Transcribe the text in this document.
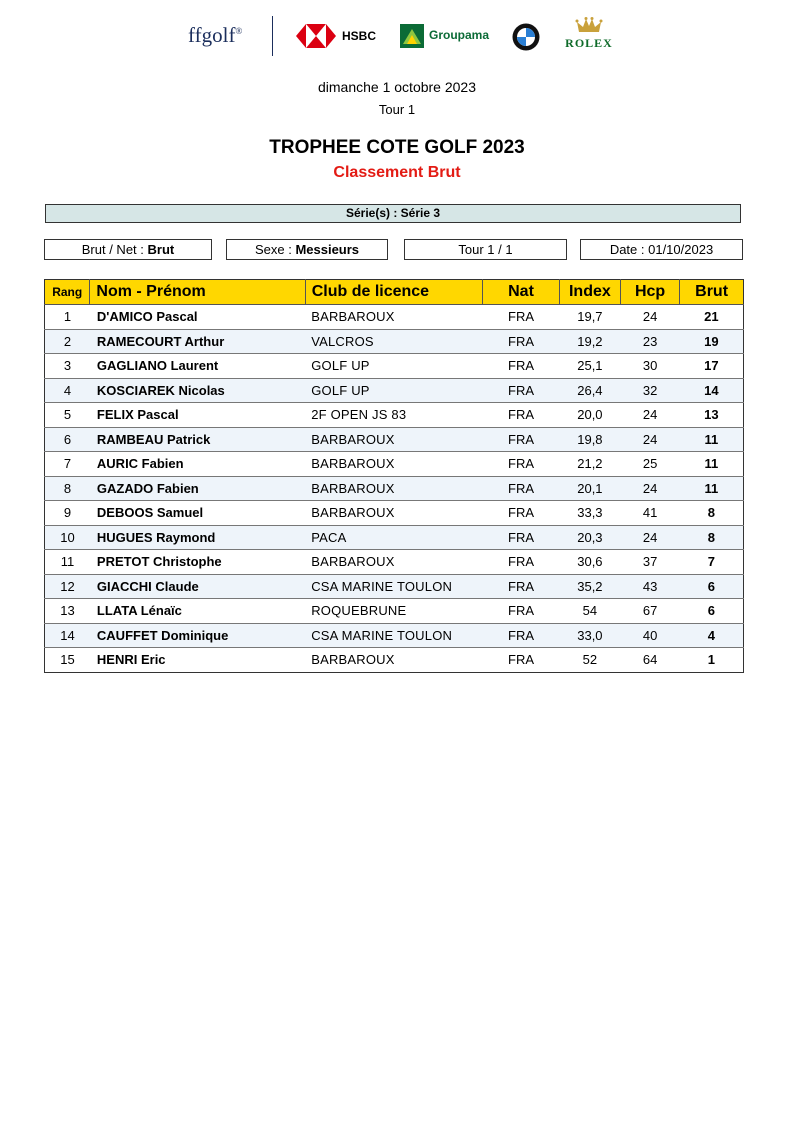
ffgolf®	HSBC	Groupama
ROLEX
dimanche 1 octobre 2023
Tour 1
TROPHEE COTE GOLF 2023
Classement Brut
Série(s) : Série 3
Brut / Net : Brut	Sexe : Messieurs	Tour 1 / 1	Date : 01/10/2023
Rang	Nom - Prénom	Club de licence	Nat	Index	Hcp	Brut
1	D'AMICO Pascal	BARBAROUX	FRA	19,7	24	21
2	RAMECOURT Arthur	VALCROS	FRA	19,2	23	19
3	GAGLIANO Laurent	GOLF UP	FRA	25,1	30	17
4	KOSCIAREK Nicolas	GOLF UP	FRA	26,4	32	14
5	FELIX Pascal	2F OPEN JS 83	FRA	20,0	24	13
6	RAMBEAU Patrick	BARBAROUX	FRA	19,8	24	11
7	AURIC Fabien	BARBAROUX	FRA	21,2	25	11
8	GAZADO Fabien	BARBAROUX	FRA	20,1	24	11
9	DEBOOS Samuel	BARBAROUX	FRA	33,3	41	8
10	HUGUES Raymond	PACA	FRA	20,3	24	8
11	PRETOT Christophe	BARBAROUX	FRA	30,6	37	7
12	GIACCHI Claude	CSA MARINE TOULON	FRA	35,2	43	6
13	LLATA Lénaïc	ROQUEBRUNE	FRA	54	67	6
14	CAUFFET Dominique	CSA MARINE TOULON	FRA	33,0	40	4
15	HENRI Eric	BARBAROUX	FRA	52	64	1
